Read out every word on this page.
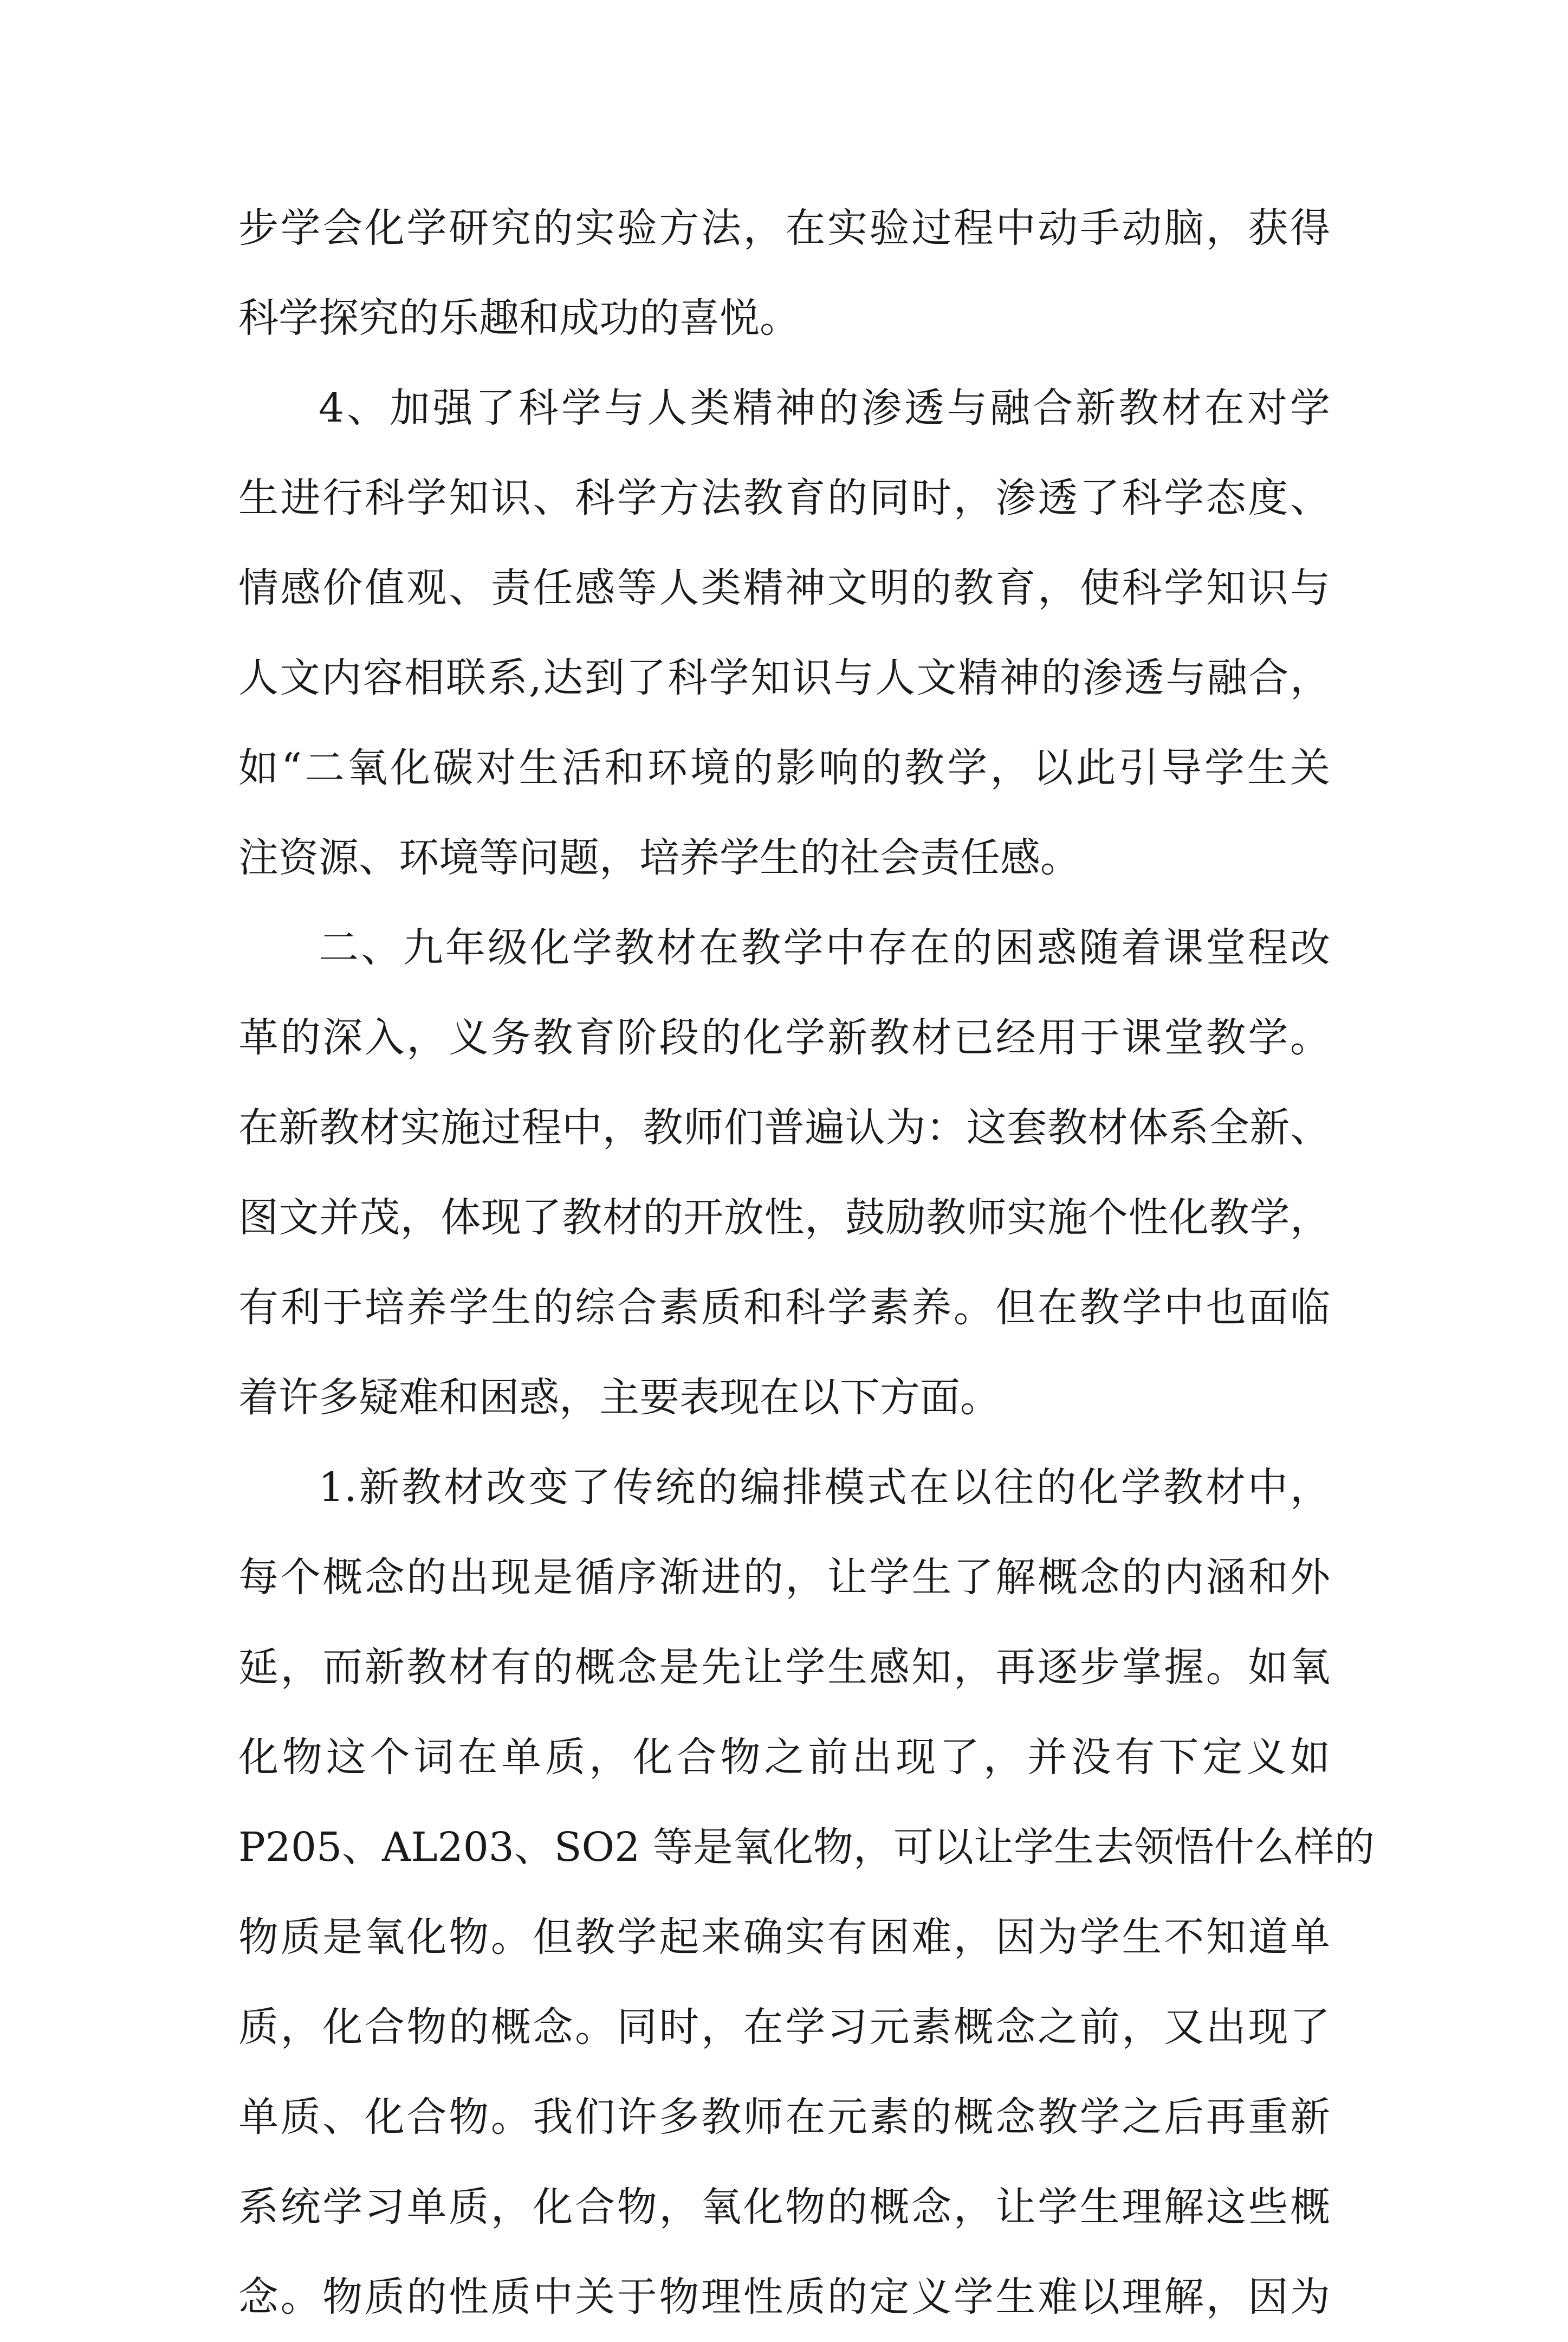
步学会化学研究的实验方法，在实验过程中动手动脑，获得
科学探究的乐趣和成功的喜悦。
4、加强了科学与人类精神的渗透与融合新教材在对学
生进行科学知识、科学方法教育的同时，渗透了科学态度、
情感价值观、责任感等人类精神文明的教育，使科学知识与
人文内容相联系,达到了科学知识与人文精神的渗透与融合，
如“二氧化碳对生活和环境的影响的教学，以此引导学生关
注资源、环境等问题，培养学生的社会责任感。
二、九年级化学教材在教学中存在的困惑随着课堂程改
革的深入，义务教育阶段的化学新教材已经用于课堂教学。
在新教材实施过程中，教师们普遍认为：这套教材体系全新、
图文并茂，体现了教材的开放性，鼓励教师实施个性化教学，
有利于培养学生的综合素质和科学素养。但在教学中也面临
着许多疑难和困惑，主要表现在以下方面。
1.新教材改变了传统的编排模式在以往的化学教材中，
每个概念的出现是循序渐进的，让学生了解概念的内涵和外
延，而新教材有的概念是先让学生感知，再逐步掌握。如氧
化物这个词在单质，化合物之前出现了，并没有下定义如
P205、AL203、SO2 等是氧化物，可以让学生去领悟什么样的
物质是氧化物。但教学起来确实有困难，因为学生不知道单
质，化合物的概念。同时，在学习元素概念之前，又出现了
单质、化合物。我们许多教师在元素的概念教学之后再重新
系统学习单质，化合物，氧化物的概念，让学生理解这些概
念。物质的性质中关于物理性质的定义学生难以理解，因为
